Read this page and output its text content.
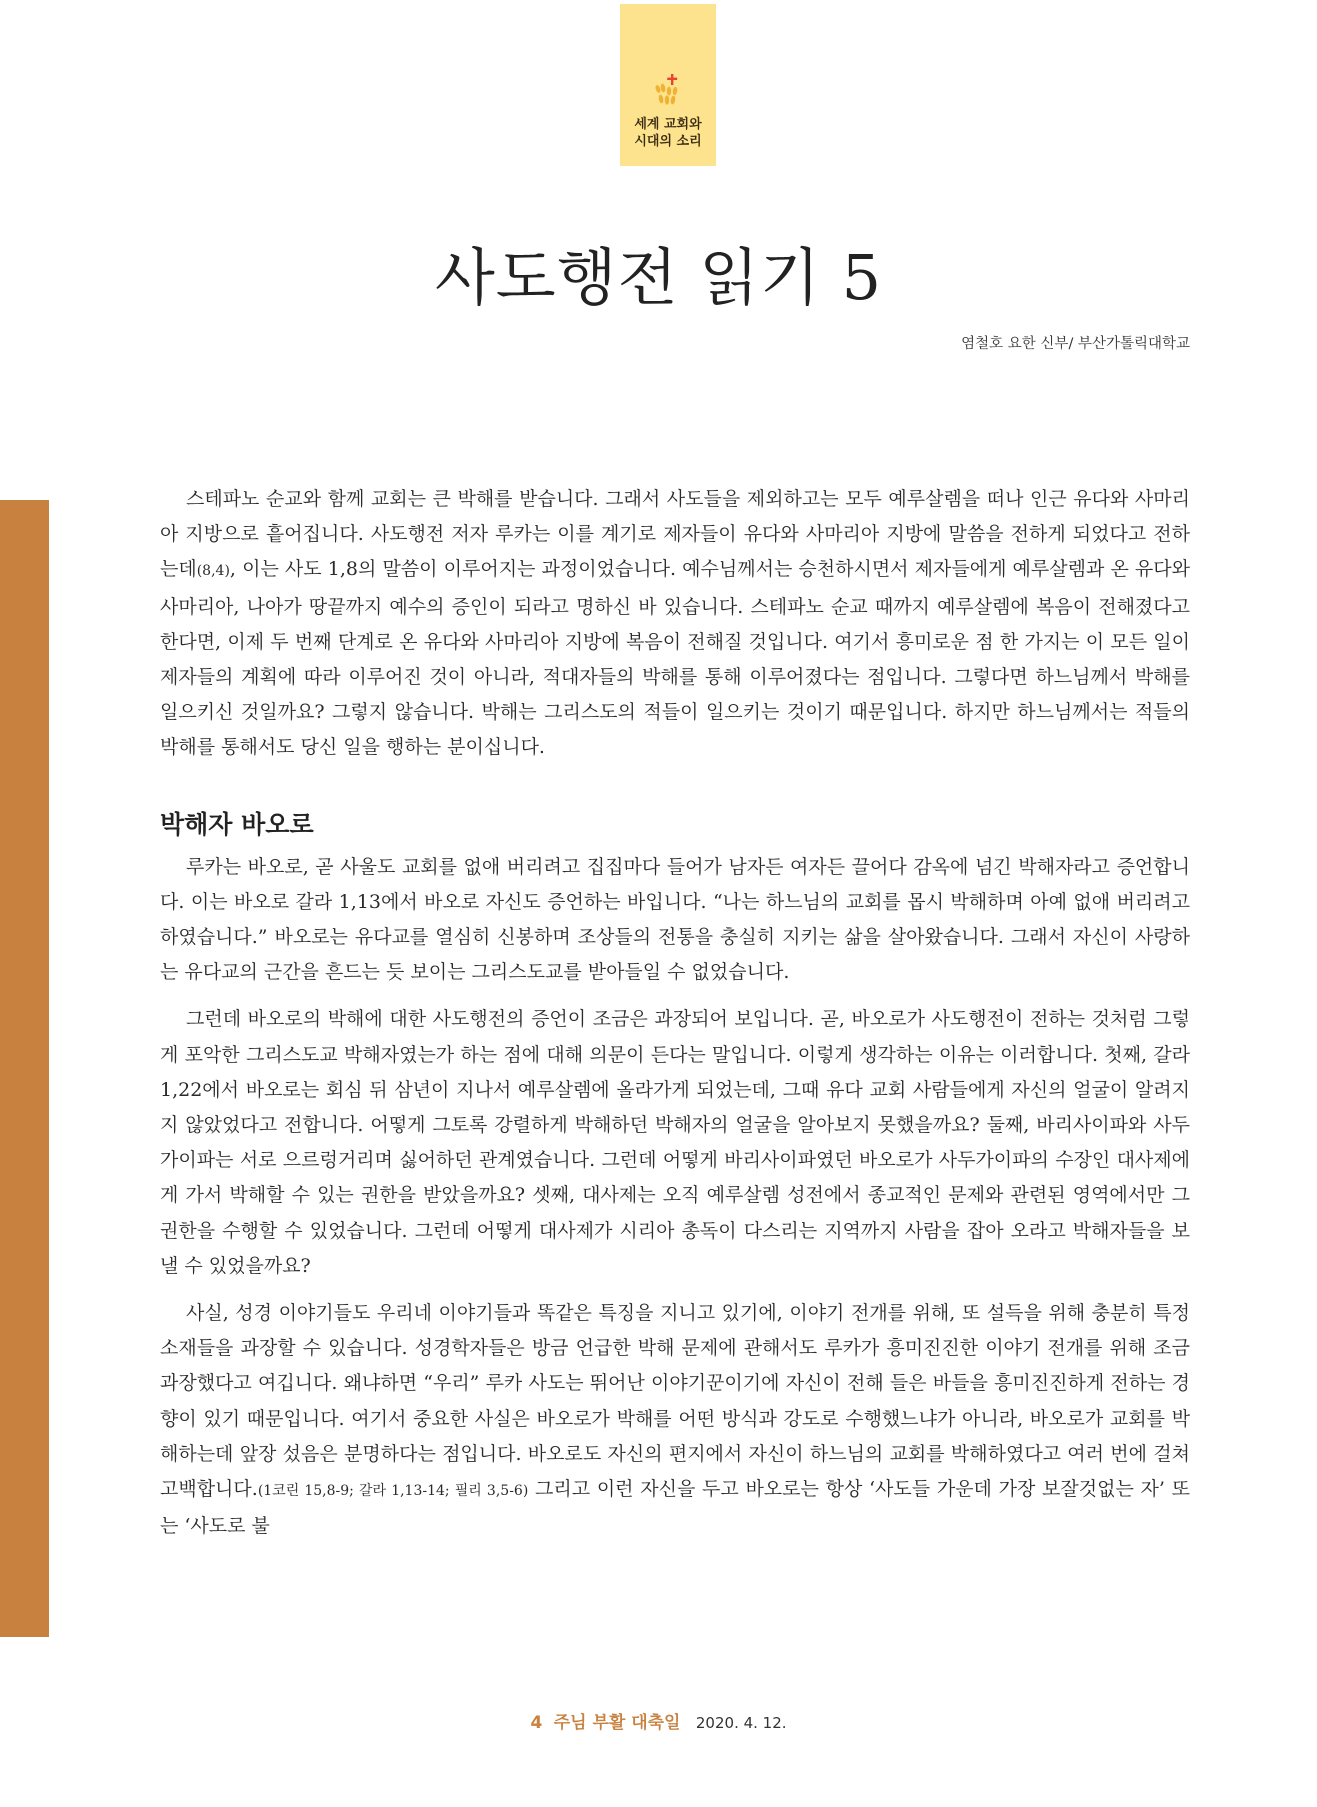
세계 교회와
시대의 소리
사도행전 읽기 5
염철호 요한 신부/ 부산가톨릭대학교

스테파노 순교와 함께 교회는 큰 박해를 받습니다. 그래서 사도들을 제외하고는 모두 예루살렘을 떠나 인근 유다와 사마리아 지방으로 흩어집니다. 사도행전 저자 루카는 이를 계기로 제자들이 유다와 사마리아 지방에 말씀을 전하게 되었다고 전하는데(8,4), 이는 사도 1,8의 말씀이 이루어지는 과정이었습니다. 예수님께서는 승천하시면서 제자들에게 예루살렘과 온 유다와 사마리아, 나아가 땅끝까지 예수의 증인이 되라고 명하신 바 있습니다. 스테파노 순교 때까지 예루살렘에 복음이 전해졌다고 한다면, 이제 두 번째 단계로 온 유다와 사마리아 지방에 복음이 전해질 것입니다. 여기서 흥미로운 점 한 가지는 이 모든 일이 제자들의 계획에 따라 이루어진 것이 아니라, 적대자들의 박해를 통해 이루어졌다는 점입니다. 그렇다면 하느님께서 박해를 일으키신 것일까요? 그렇지 않습니다. 박해는 그리스도의 적들이 일으키는 것이기 때문입니다. 하지만 하느님께서는 적들의 박해를 통해서도 당신 일을 행하는 분이십니다.

박해자 바오로

루카는 바오로, 곧 사울도 교회를 없애 버리려고 집집마다 들어가 남자든 여자든 끌어다 감옥에 넘긴 박해자라고 증언합니다. 이는 바오로 갈라 1,13에서 바오로 자신도 증언하는 바입니다. “나는 하느님의 교회를 몹시 박해하며 아예 없애 버리려고 하였습니다.” 바오로는 유다교를 열심히 신봉하며 조상들의 전통을 충실히 지키는 삶을 살아왔습니다. 그래서 자신이 사랑하는 유다교의 근간을 흔드는 듯 보이는 그리스도교를 받아들일 수 없었습니다.

그런데 바오로의 박해에 대한 사도행전의 증언이 조금은 과장되어 보입니다. 곧, 바오로가 사도행전이 전하는 것처럼 그렇게 포악한 그리스도교 박해자였는가 하는 점에 대해 의문이 든다는 말입니다. 이렇게 생각하는 이유는 이러합니다. 첫째, 갈라 1,22에서 바오로는 회심 뒤 삼년이 지나서 예루살렘에 올라가게 되었는데, 그때 유다 교회 사람들에게 자신의 얼굴이 알려지지 않았었다고 전합니다. 어떻게 그토록 강렬하게 박해하던 박해자의 얼굴을 알아보지 못했을까요? 둘째, 바리사이파와 사두가이파는 서로 으르렁거리며 싫어하던 관계였습니다. 그런데 어떻게 바리사이파였던 바오로가 사두가이파의 수장인 대사제에게 가서 박해할 수 있는 권한을 받았을까요? 셋째, 대사제는 오직 예루살렘 성전에서 종교적인 문제와 관련된 영역에서만 그 권한을 수행할 수 있었습니다. 그런데 어떻게 대사제가 시리아 총독이 다스리는 지역까지 사람을 잡아 오라고 박해자들을 보낼 수 있었을까요?

사실, 성경 이야기들도 우리네 이야기들과 똑같은 특징을 지니고 있기에, 이야기 전개를 위해, 또 설득을 위해 충분히 특정 소재들을 과장할 수 있습니다. 성경학자들은 방금 언급한 박해 문제에 관해서도 루카가 흥미진진한 이야기 전개를 위해 조금 과장했다고 여깁니다. 왜냐하면 “우리” 루카 사도는 뛰어난 이야기꾼이기에 자신이 전해 들은 바들을 흥미진진하게 전하는 경향이 있기 때문입니다. 여기서 중요한 사실은 바오로가 박해를 어떤 방식과 강도로 수행했느냐가 아니라, 바오로가 교회를 박해하는데 앞장 섰음은 분명하다는 점입니다. 바오로도 자신의 편지에서 자신이 하느님의 교회를 박해하였다고 여러 번에 걸쳐 고백합니다.(1코린 15,8-9; 갈라 1,13-14; 필리 3,5-6) 그리고 이런 자신을 두고 바오로는 항상 ‘사도들 가운데 가장 보잘것없는 자’ 또는 ‘사도로 불

4 주님 부활 대축일 2020. 4. 12.
